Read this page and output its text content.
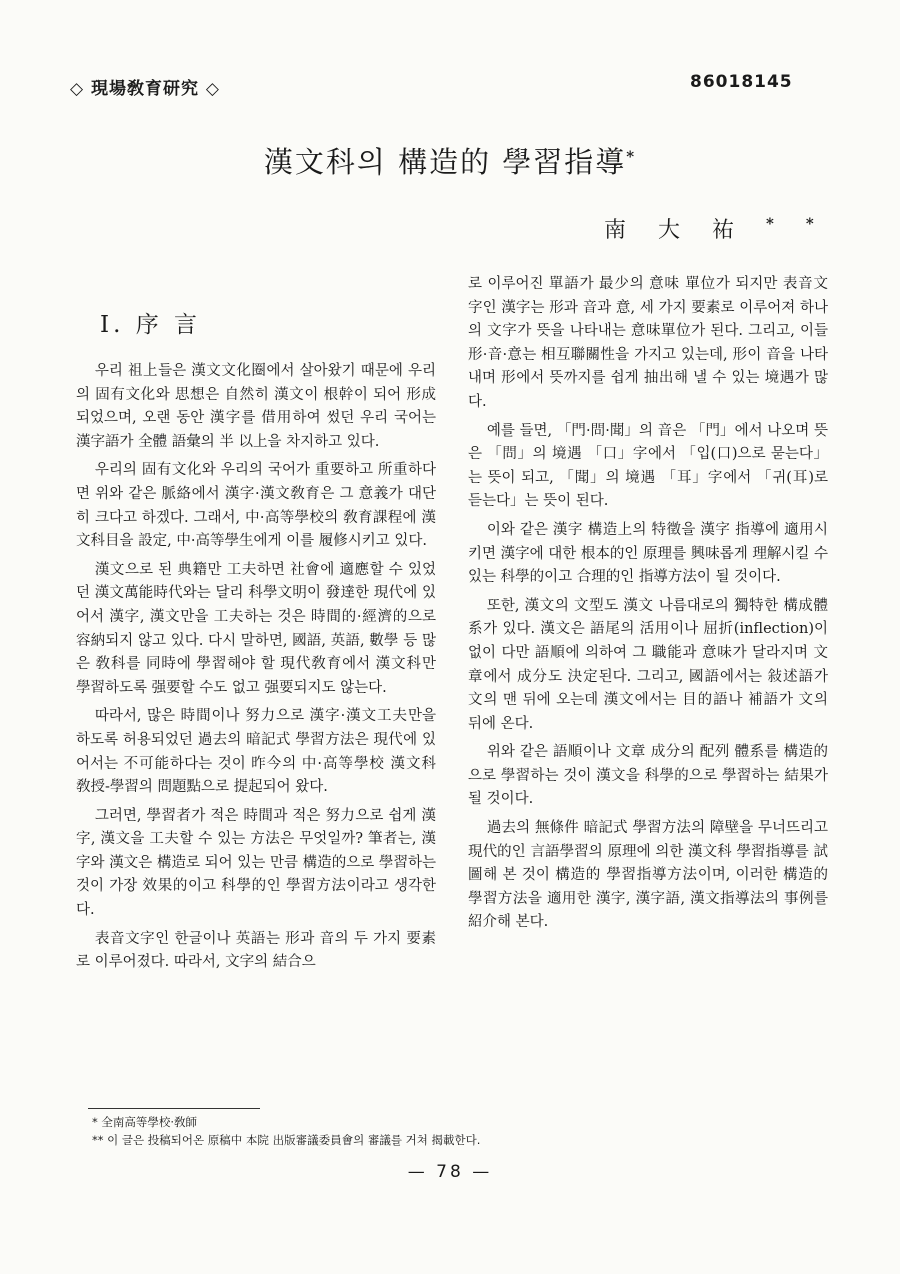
◇ 現場敎育研究 ◇	86018145
漢文科의 構造的 學習指導*
南大祐**
I. 序 言

우리 祖上들은 漢文文化圈에서 살아왔기 때문에 우리의 固有文化와 思想은 自然히 漢文이 根幹이 되어 形成되었으며, 오랜 동안 漢字를 借用하여 썼던 우리 국어는 漢字語가 全體 語彙의 半 以上을 차지하고 있다.

우리의 固有文化와 우리의 국어가 重要하고 所重하다면 위와 같은 脈絡에서 漢字·漢文敎育은 그 意義가 대단히 크다고 하겠다. 그래서, 中·高等學校의 敎育課程에 漢文科目을 設定, 中·高等學生에게 이를 履修시키고 있다.

漢文으로 된 典籍만 工夫하면 社會에 適應할 수 있었던 漢文萬能時代와는 달리 科學文明이 發達한 現代에 있어서 漢字, 漢文만을 工夫하는 것은 時間的·經濟的으로 容納되지 않고 있다. 다시 말하면, 國語, 英語, 數學 등 많은 敎科를 同時에 學習해야 할 現代敎育에서 漢文科만 學習하도록 强要할 수도 없고 强要되지도 않는다.

따라서, 많은 時間이나 努力으로 漢字·漢文工夫만을 하도록 허용되었던 過去의 暗記式 學習方法은 現代에 있어서는 不可能하다는 것이 昨今의 中·高等學校 漢文科 敎授-學習의 問題點으로 提起되어 왔다.

그러면, 學習者가 적은 時間과 적은 努力으로 쉽게 漢字, 漢文을 工夫할 수 있는 方法은 무엇일까? 筆者는, 漢字와 漢文은 構造로 되어 있는 만큼 構造的으로 學習하는 것이 가장 效果的이고 科學的인 學習方法이라고 생각한다.

表音文字인 한글이나 英語는 形과 音의 두 가지 要素로 이루어졌다. 따라서, 文字의 結合으

로 이루어진 單語가 最少의 意味 單位가 되지만 表音文字인 漢字는 形과 音과 意, 세 가지 要素로 이루어져 하나의 文字가 뜻을 나타내는 意味單位가 된다. 그리고, 이들 形·音·意는 相互聯關性을 가지고 있는데, 形이 音을 나타내며 形에서 뜻까지를 쉽게 抽出해 낼 수 있는 境遇가 많다.

예를 들면, 「門·問·聞」의 音은 「門」에서 나오며 뜻은 「問」의 境遇 「口」字에서 「입(口)으로 묻는다」는 뜻이 되고, 「聞」의 境遇 「耳」字에서 「귀(耳)로 듣는다」는 뜻이 된다.

이와 같은 漢字 構造上의 特徵을 漢字 指導에 適用시키면 漢字에 대한 根本的인 原理를 興味롭게 理解시킬 수 있는 科學的이고 合理的인 指導方法이 될 것이다.

또한, 漢文의 文型도 漢文 나름대로의 獨特한 構成體系가 있다. 漢文은 語尾의 活用이나 屈折(inflection)이 없이 다만 語順에 의하여 그 職能과 意味가 달라지며 文章에서 成分도 決定된다. 그리고, 國語에서는 敍述語가 文의 맨 뒤에 오는데 漢文에서는 目的語나 補語가 文의 뒤에 온다.

위와 같은 語順이나 文章 成分의 配列 體系를 構造的으로 學習하는 것이 漢文을 科學的으로 學習하는 結果가 될 것이다.

過去의 無條件 暗記式 學習方法의 障壁을 무너뜨리고 現代的인 言語學習의 原理에 의한 漢文科 學習指導를 試圖해 본 것이 構造的 學習指導方法이며, 이러한 構造的 學習方法을 適用한 漢字, 漢字語, 漢文指導法의 事例를 紹介해 본다.

* 全南高等學校·敎師
** 이 글은 投稿되어온 原稿中 本院 出版審議委員會의 審議를 거쳐 揭載한다.
— 78 —
